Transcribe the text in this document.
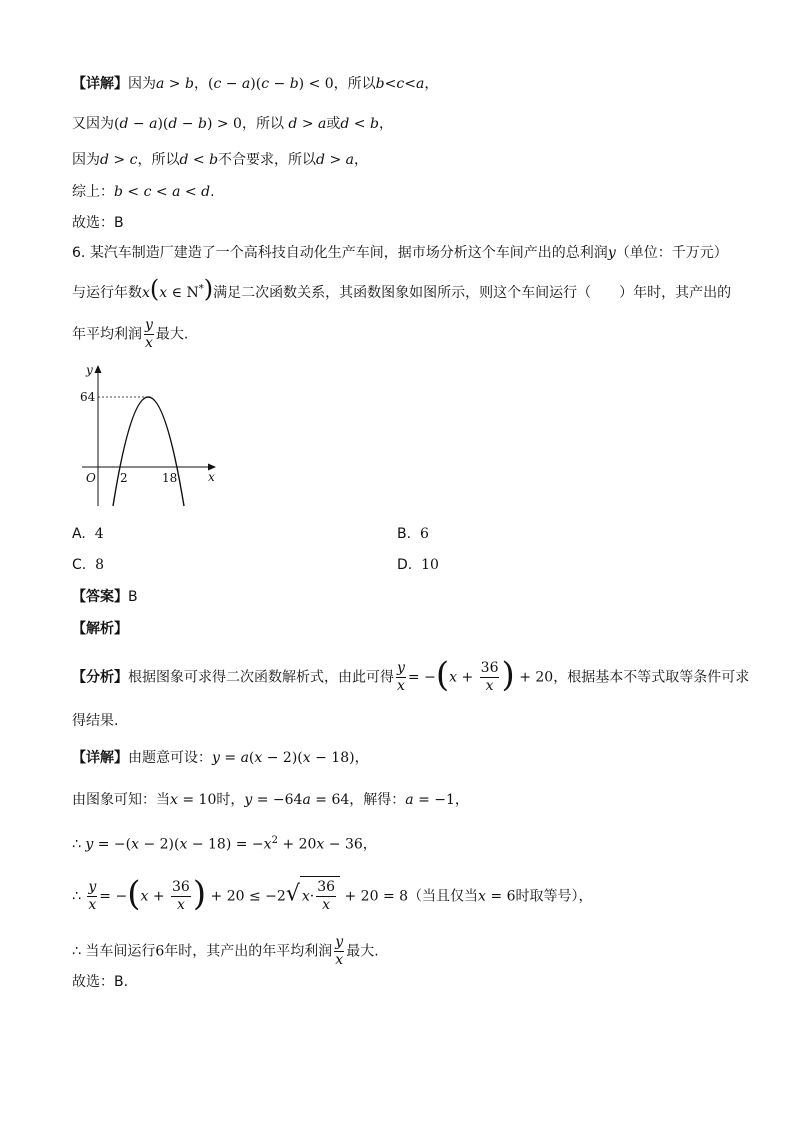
【详解】因为a > b，(c − a)(c − b) < 0，所以b<c<a，
又因为(d − a)(d − b) > 0，所以 d > a或d < b，
因为d > c，所以d < b不合要求，所以d > a，
综上：b < c < a < d.
故选：B
6. 某汽车制造厂建造了一个高科技自动化生产车间，据市场分析这个车间产出的总利润y（单位：千万元）
与运行年数x(x ∈ N*)满足二次函数关系，其函数图象如图所示，则这个车间运行（　　）年时，其产出的
年平均利润 $\frac{y}{x}$ 最大.
y
x
O
64
2	18
A. 4	B. 6
C. 8	D. 10
【答案】B
【解析】
【分析】根据图象可求得二次函数解析式，由此可得 $\frac{y}{x} = -(x + \frac{36}{x}$ ) + 20，根据基本不等式取等条件可求
得结果.
【详解】由题意可设：y = a(x − 2)(x − 18)，
由图象可知：当x = 10时，y = −64a = 64，解得：a = −1，
∴ $y = -(x - 2)(x - 18) = -x^2 + 20x - 36$，
∴ $\frac{y}{x} = -(x + \frac{36}{x}$ ) + 20 ≤ −2√ $x\cdot \frac{36}{x} + 20 = 8$（当且仅当x = 6时取等号），
∴ 当车间运行6年时，其产出的年平均利润 $\frac{y}{x}$ 最大.
故选：B.
